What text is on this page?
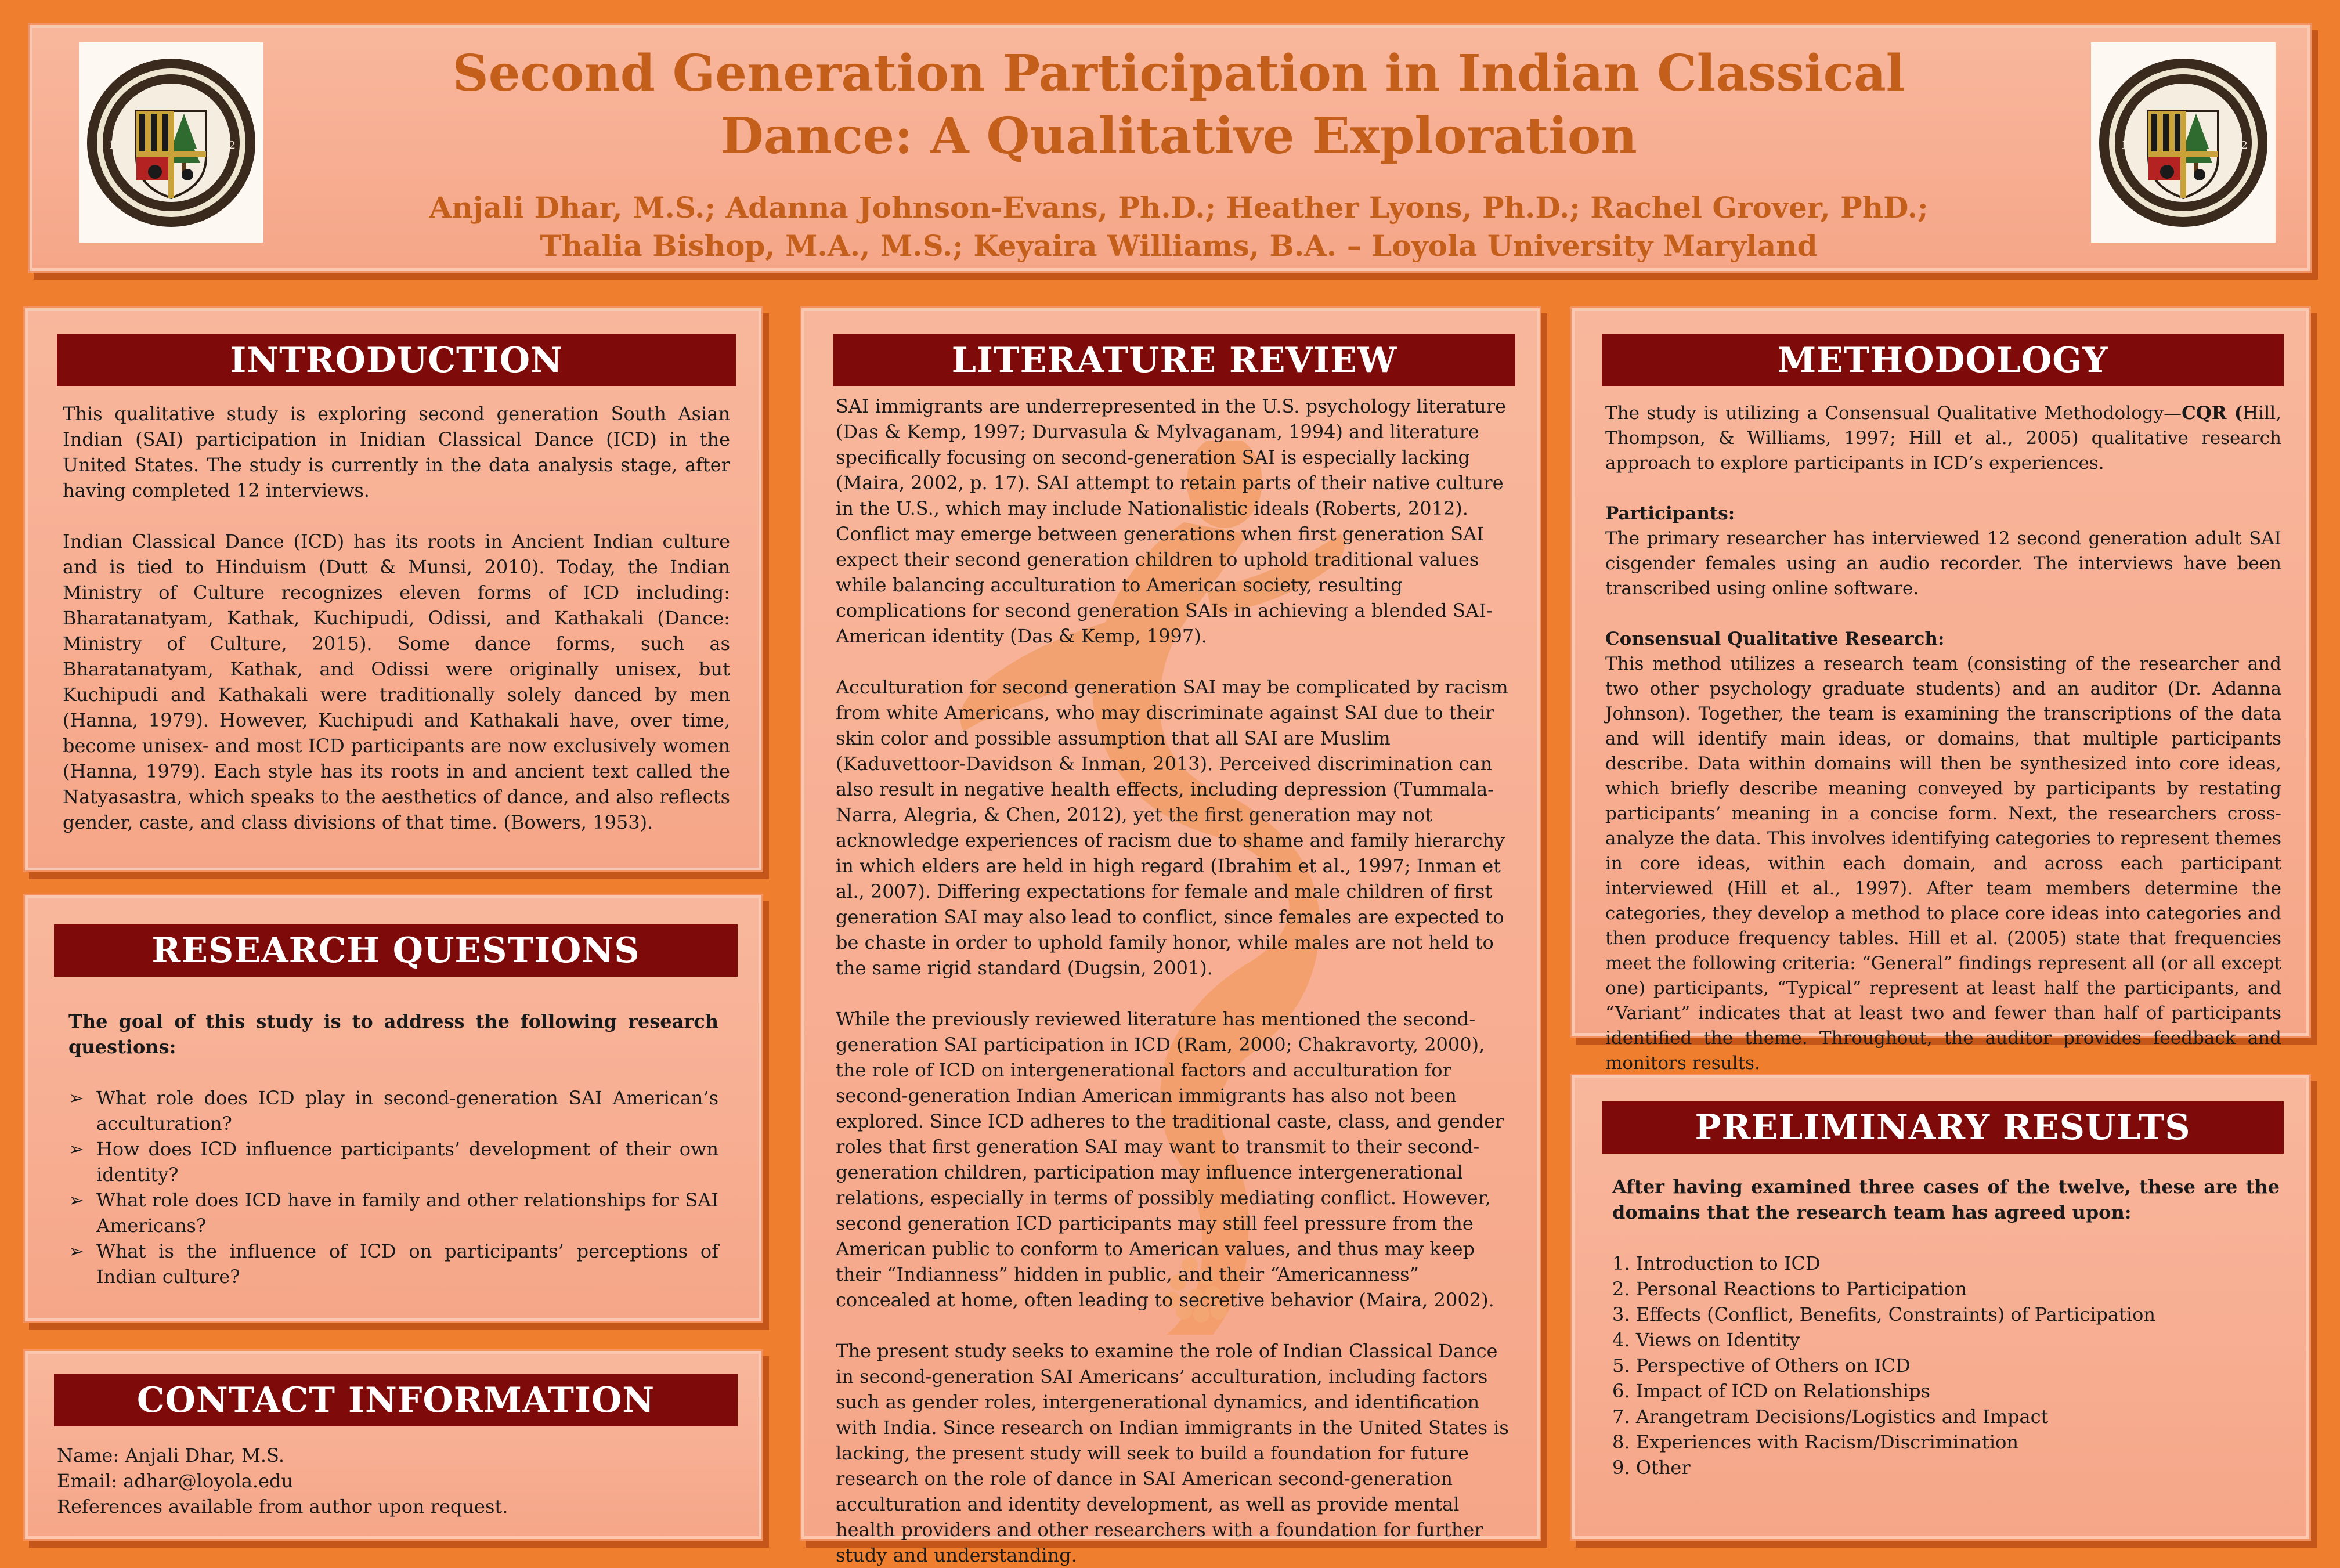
18	52	18	52
Second Generation Participation in Indian Classical
Dance: A Qualitative Exploration
Anjali Dhar, M.S.; Adanna Johnson-Evans, Ph.D.; Heather Lyons, Ph.D.; Rachel Grover, PhD.;
Thalia Bishop, M.A., M.S.; Keyaira Williams, B.A. – Loyola University Maryland
INTRODUCTION

This qualitative study is exploring second generation South Asian Indian (SAI) participation in Inidian Classical Dance (ICD) in the United States. The study is currently in the data analysis stage, after having completed 12 interviews.

Indian Classical Dance (ICD) has its roots in Ancient Indian culture and is tied to Hinduism (Dutt & Munsi, 2010). Today, the Indian Ministry of Culture recognizes eleven forms of ICD including: Bharatanatyam, Kathak, Kuchipudi, Odissi, and Kathakali (Dance: Ministry of Culture, 2015). Some dance forms, such as Bharatanatyam, Kathak, and Odissi were originally unisex, but Kuchipudi and Kathakali were traditionally solely danced by men (Hanna, 1979). However, Kuchipudi and Kathakali have, over time, become unisex- and most ICD participants are now exclusively women (Hanna, 1979). Each style has its roots in and ancient text called the Natyasastra, which speaks to the aesthetics of dance, and also reflects gender, caste, and class divisions of that time. (Bowers, 1953).

RESEARCH QUESTIONS

The goal of this study is to address the following research questions:

➢ What role does ICD play in second-generation SAI American’s acculturation?
➢ How does ICD influence participants’ development of their own identity?
➢ What role does ICD have in family and other relationships for SAI Americans?
➢ What is the influence of ICD on participants’ perceptions of Indian culture?
CONTACT INFORMATION

Name: Anjali Dhar, M.S.

Email: adhar@loyola.edu

References available from author upon request.

LITERATURE REVIEW

SAI immigrants are underrepresented in the U.S. psychology literature (Das & Kemp, 1997; Durvasula & Mylvaganam, 1994) and literature specifically focusing on second-generation SAI is especially lacking (Maira, 2002, p. 17). SAI attempt to retain parts of their native culture in the U.S., which may include Nationalistic ideals (Roberts, 2012). Conflict may emerge between generations when first generation SAI expect their second generation children to uphold traditional values while balancing acculturation to American society, resulting complications for second generation SAIs in achieving a blended SAI-American identity (Das & Kemp, 1997).

Acculturation for second generation SAI may be complicated by racism from white Americans, who may discriminate against SAI due to their skin color and possible assumption that all SAI are Muslim (Kaduvettoor-Davidson & Inman, 2013). Perceived discrimination can also result in negative health effects, including depression (Tummala-Narra, Alegria, & Chen, 2012), yet the first generation may not acknowledge experiences of racism due to shame and family hierarchy in which elders are held in high regard (Ibrahim et al., 1997; Inman et al., 2007). Differing expectations for female and male children of first generation SAI may also lead to conflict, since females are expected to be chaste in order to uphold family honor, while males are not held to the same rigid standard (Dugsin, 2001).

While the previously reviewed literature has mentioned the second-generation SAI participation in ICD (Ram, 2000; Chakravorty, 2000), the role of ICD on intergenerational factors and acculturation for second-generation Indian American immigrants has also not been explored. Since ICD adheres to the traditional caste, class, and gender roles that first generation SAI may want to transmit to their second-generation children, participation may influence intergenerational relations, especially in terms of possibly mediating conflict. However, second generation ICD participants may still feel pressure from the American public to conform to American values, and thus may keep their “Indianness” hidden in public, and their “Americanness” concealed at home, often leading to secretive behavior (Maira, 2002).

The present study seeks to examine the role of Indian Classical Dance in second-generation SAI Americans’ acculturation, including factors such as gender roles, intergenerational dynamics, and identification with India. Since research on Indian immigrants in the United States is lacking, the present study will seek to build a foundation for future research on the role of dance in SAI American second-generation acculturation and identity development, as well as provide mental health providers and other researchers with a foundation for further study and understanding.

METHODOLOGY

The study is utilizing a Consensual Qualitative Methodology—CQR (Hill, Thompson, & Williams, 1997; Hill et al., 2005) qualitative research approach to explore participants in ICD’s experiences.

Participants:

The primary researcher has interviewed 12 second generation adult SAI cisgender females using an audio recorder. The interviews have been transcribed using online software.

Consensual Qualitative Research:

This method utilizes a research team (consisting of the researcher and two other psychology graduate students) and an auditor (Dr. Adanna Johnson). Together, the team is examining the transcriptions of the data and will identify main ideas, or domains, that multiple participants describe. Data within domains will then be synthesized into core ideas, which briefly describe meaning conveyed by participants by restating participants’ meaning in a concise form. Next, the researchers cross-analyze the data. This involves identifying categories to represent themes in core ideas, within each domain, and across each participant interviewed (Hill et al., 1997). After team members determine the categories, they develop a method to place core ideas into categories and then produce frequency tables. Hill et al. (2005) state that frequencies meet the following criteria: “General” findings represent all (or all except one) participants, “Typical” represent at least half the participants, and “Variant” indicates that at least two and fewer than half of participants identified the theme. Throughout, the auditor provides feedback and monitors results.

PRELIMINARY RESULTS

After having examined three cases of the twelve, these are the domains that the research team has agreed upon:

1. Introduction to ICD
2. Personal Reactions to Participation
3. Effects (Conflict, Benefits, Constraints) of Participation
4. Views on Identity
5. Perspective of Others on ICD
6. Impact of ICD on Relationships
7. Arangetram Decisions/Logistics and Impact
8. Experiences with Racism/Discrimination
9. Other
